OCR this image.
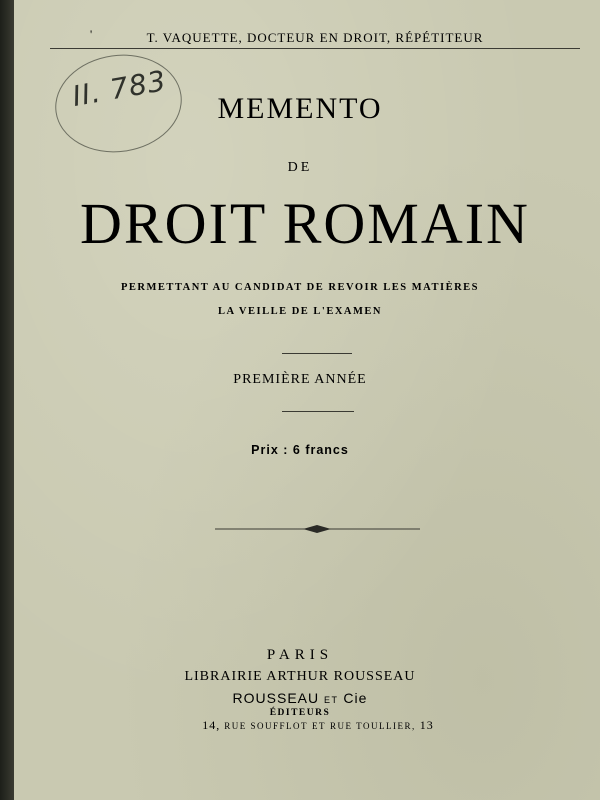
'	T. VAQUETTE, DOCTEUR EN DROIT, RÉPÉTITEUR
II. 783	MEMENTO
DE
DROIT ROMAIN
PERMETTANT AU CANDIDAT DE REVOIR LES MATIÈRES
LA VEILLE DE L'EXAMEN
PREMIÈRE ANNÉE
Prix : 6 francs
PARIS
LIBRAIRIE ARTHUR ROUSSEAU
ROUSSEAU ET Cie
ÉDITEURS
14, RUE SOUFFLOT ET RUE TOULLIER, 13
